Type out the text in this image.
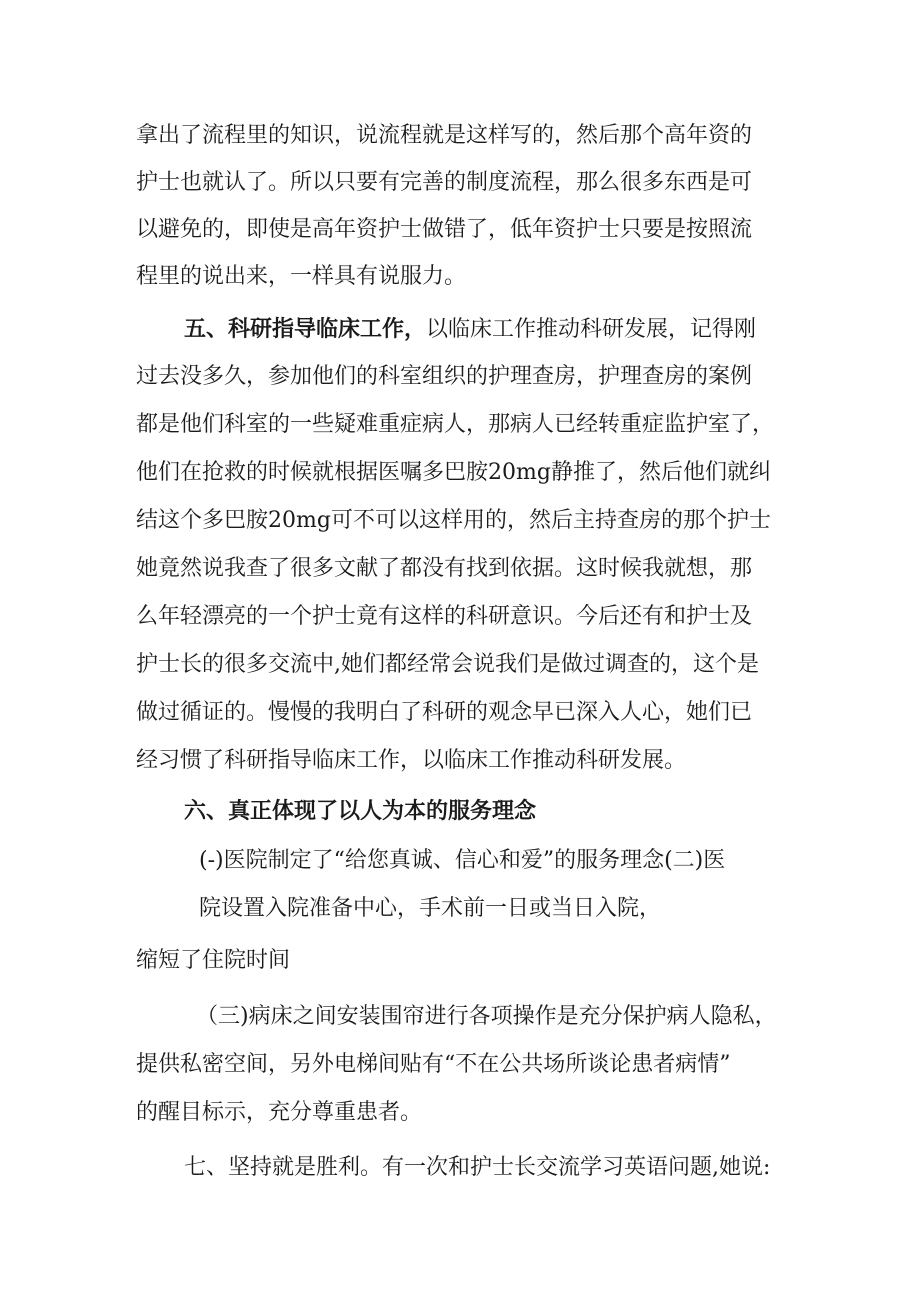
拿出了流程里的知识，说流程就是这样写的，然后那个高年资的
护士也就认了。所以只要有完善的制度流程，那么很多东西是可
以避免的，即使是高年资护士做错了，低年资护士只要是按照流
程里的说出来，一样具有说服力。
五、科研指导临床工作，以临床工作推动科研发展，记得刚
过去没多久，参加他们的科室组织的护理查房，护理查房的案例
都是他们科室的一些疑难重症病人，那病人已经转重症监护室了，
他们在抢救的时候就根据医嘱多巴胺20mg静推了，然后他们就纠
结这个多巴胺20mg可不可以这样用的，然后主持查房的那个护士
她竟然说我查了很多文献了都没有找到依据。这时候我就想，那
么年轻漂亮的一个护士竟有这样的科研意识。今后还有和护士及
护士长的很多交流中,她们都经常会说我们是做过调查的，这个是
做过循证的。慢慢的我明白了科研的观念早已深入人心，她们已
经习惯了科研指导临床工作，以临床工作推动科研发展。
六、真正体现了以人为本的服务理念
(-)医院制定了“给您真诚、信心和爱”的服务理念(二)医
院设置入院准备中心，手术前一日或当日入院，
缩短了住院时间
（三)病床之间安装围帘进行各项操作是充分保护病人隐私，
提供私密空间，另外电梯间贴有“不在公共场所谈论患者病情”
的醒目标示，充分尊重患者。
七、坚持就是胜利。有一次和护士长交流学习英语问题,她说:
